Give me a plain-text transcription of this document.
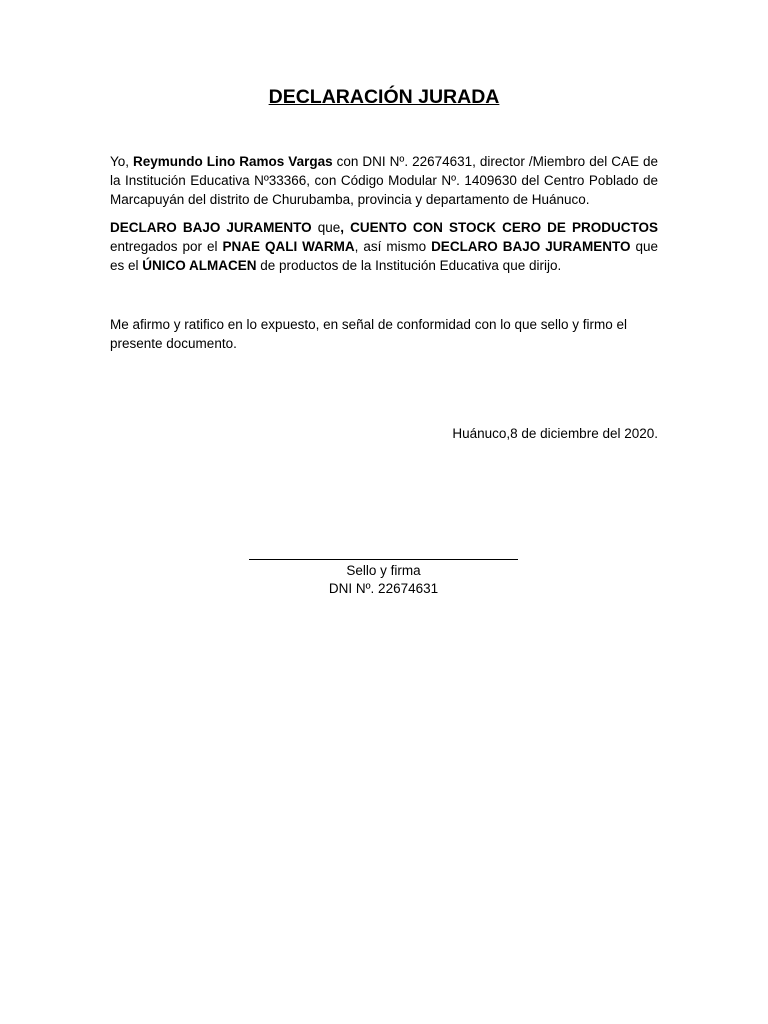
DECLARACIÓN JURADA
Yo, Reymundo Lino Ramos Vargas con DNI Nº. 22674631, director /Miembro del CAE de la Institución Educativa Nº33366, con Código Modular Nº. 1409630 del Centro Poblado de Marcapuyán del distrito de Churubamba, provincia y departamento de Huánuco.
DECLARO BAJO JURAMENTO que, CUENTO CON STOCK CERO DE PRODUCTOS entregados por el PNAE QALI WARMA, así mismo DECLARO BAJO JURAMENTO que es el ÚNICO ALMACEN de productos de la Institución Educativa que dirijo.
Me afirmo y ratifico en lo expuesto, en señal de conformidad con lo que sello y firmo el presente documento.
Huánuco,8 de diciembre del 2020.
Sello y firma
DNI Nº. 22674631
